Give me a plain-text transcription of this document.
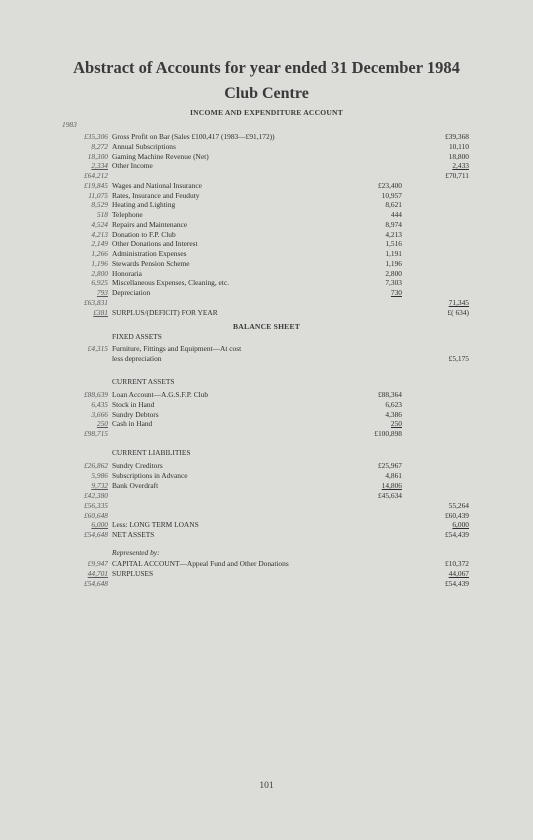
Abstract of Accounts for year ended 31 December 1984
Club Centre
INCOME AND EXPENDITURE ACCOUNT
1983
£35,306 Gross Profit on Bar (Sales £100,417 (1983—£91,172))	£39,368
8,272 Annual Subscriptions	10,110
18,300 Gaming Machine Revenue (Net)	18,800
2,334 Other Income	2,433
£64,212	£70,711
£19,845 Wages and National Insurance	£23,400
11,075 Rates, Insurance and Feuduty	10,957
8,529 Heating and Lighting	8,621
518 Telephone	444
4,524 Repairs and Maintenance	8,974
4,213 Donation to F.P. Club	4,213
2,149 Other Donations and Interest	1,516
1,266 Administration Expenses	1,191
1,196 Stewards Pension Scheme	1,196
2,800 Honoraria	2,800
6,925 Miscellaneous Expenses, Cleaning, etc.	7,303
793 Depreciation	730
£63,831	71,345
£381 SURPLUS/(DEFICIT) FOR YEAR	£( 634)
BALANCE SHEET
FIXED ASSETS
£4,315 Furniture, Fittings and Equipment—At cost
less depreciation	£5,175
CURRENT ASSETS
£88,639 Loan Account—A.G.S.F.P. Club	£88,364
6,435 Stock in Hand	6,623
3,666 Sundry Debtors	4,386
250 Cash in Hand	250
£98,715	£100,898
CURRENT LIABILITIES
£26,862 Sundry Creditors	£25,967
5,986 Subscriptions in Advance	4,861
9,732 Bank Overdraft	14,806
£42,380	£45,634
£56,335	55,264
£60,648	£60,439
6,000 Less: LONG TERM LOANS	6,000
£54,648 NET ASSETS	£54,439
Represented by:
£9,947 CAPITAL ACCOUNT—Appeal Fund and Other Donations	£10,372
44,701 SURPLUSES	44,067
£54,648	£54,439
101
